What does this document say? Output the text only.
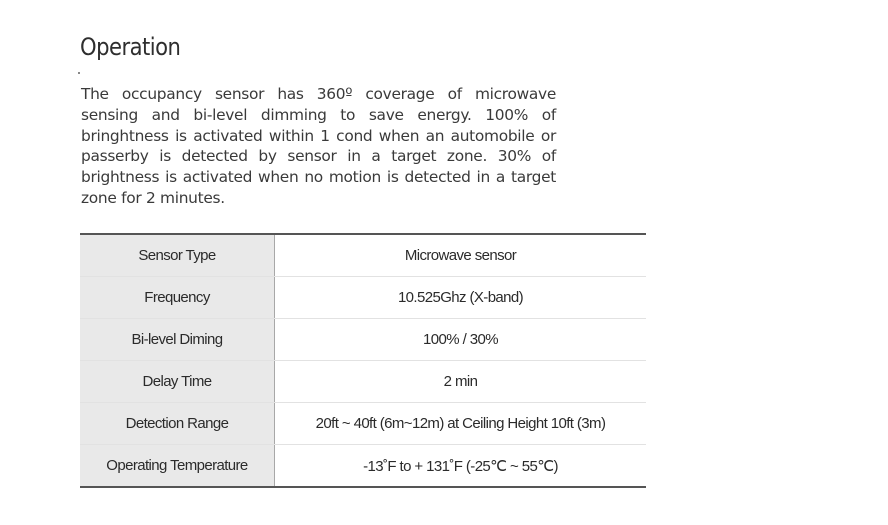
Operation

The occupancy sensor has 360º coverage of microwave sensing and bi-level dimming to save energy. 100% of bringhtness is activated within 1 cond when an automobile or passerby is detected by sensor in a target zone. 30% of brightness is activated when no motion is detected in a target zone for 2 minutes.

Sensor Type	Microwave sensor
Frequency	10.525Ghz (X-band)
Bi-level Diming	100% / 30%
Delay Time	2 min
Detection Range	20ft ~ 40ft (6m~12m) at Ceiling Height 10ft (3m)
Operating Temperature	-13˚F to + 131˚F (-25℃ ~ 55℃)
